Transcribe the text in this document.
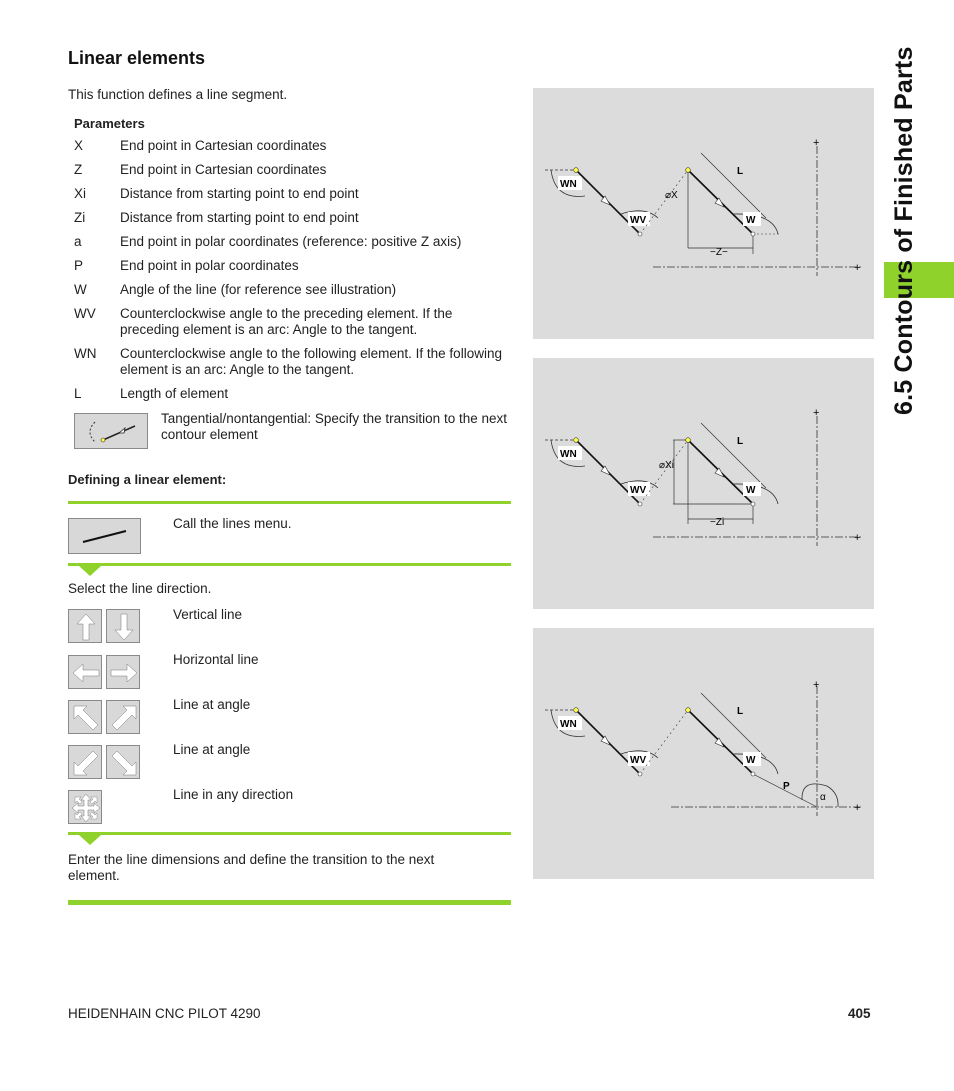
Linear elements
This function defines a line segment.
Parameters
X	End point in Cartesian coordinates
Z	End point in Cartesian coordinates
Xi	Distance from starting point to end point
Zi	Distance from starting point to end point
a	End point in polar coordinates (reference: positive Z axis)
P	End point in polar coordinates
W	Angle of the line (for reference see illustration)
WV	Counterclockwise angle to the preceding element. If the preceding element is an arc: Angle to the tangent.
WN	Counterclockwise angle to the following element. If the following element is an arc: Angle to the tangent.
L	Length of element
Tangential/nontangential: Specify the transition to the next contour element
Defining a linear element:
Call the lines menu.
Select the line direction.
Vertical line
Horizontal line
Line at angle
Line at angle
Line in any direction
Enter the line dimensions and define the transition to the next element.
+
+
WN
WV
L
⌀X
−Z−
W
+
+
WN
WV
L
⌀Xi
−Zi
W
+
+
WN
WV
L
P
α
W
6.5 Contours of Finished Parts
HEIDENHAIN CNC PILOT 4290	405
